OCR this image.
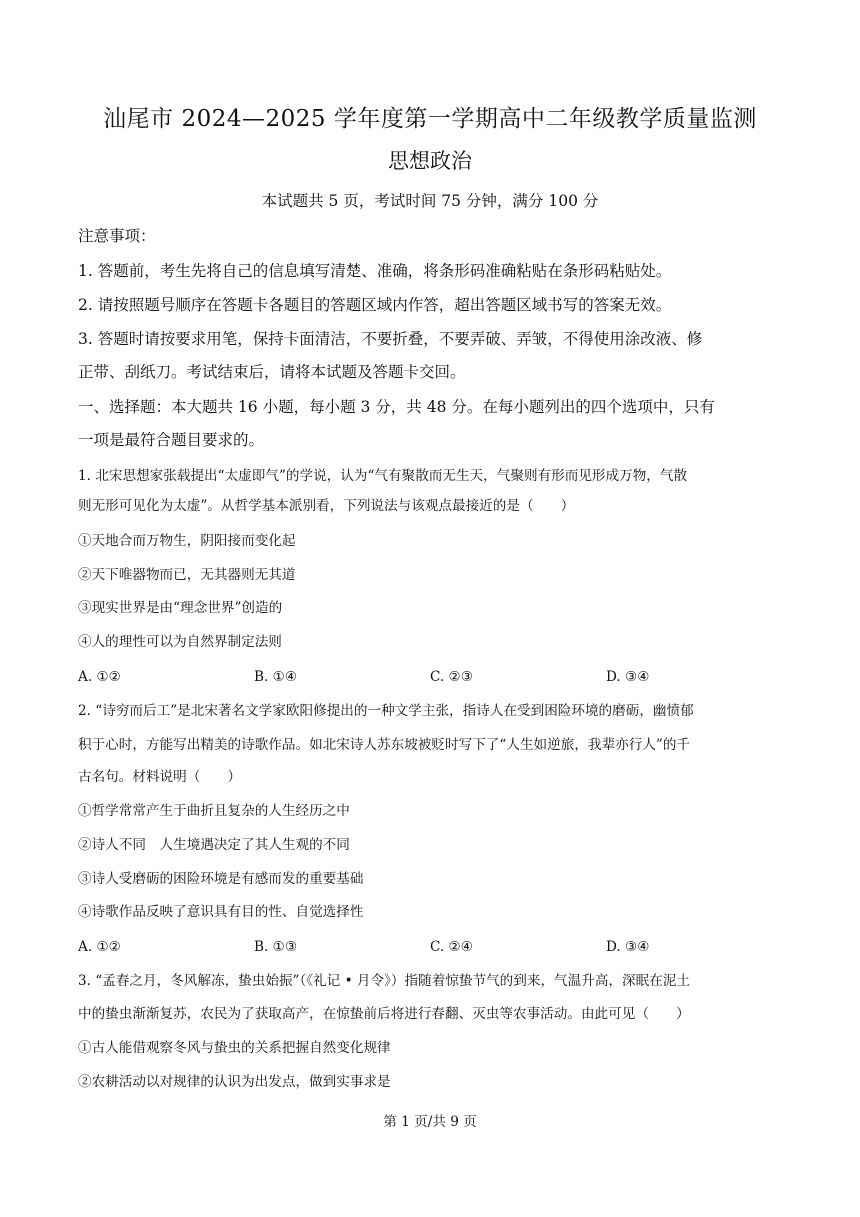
汕尾市 2024—2025 学年度第一学期高中二年级教学质量监测
思想政治
本试题共 5 页，考试时间 75 分钟，满分 100 分
注意事项：
1. 答题前，考生先将自己的信息填写清楚、准确，将条形码准确粘贴在条形码粘贴处。
2. 请按照题号顺序在答题卡各题目的答题区域内作答，超出答题区域书写的答案无效。
3. 答题时请按要求用笔，保持卡面清洁，不要折叠，不要弄破、弄皱，不得使用涂改液、修
正带、刮纸刀。考试结束后，请将本试题及答题卡交回。
一、选择题：本大题共 16 小题，每小题 3 分，共 48 分。在每小题列出的四个选项中，只有
一项是最符合题目要求的。
1. 北宋思想家张载提出“太虚即气”的学说，认为“气有聚散而无生天，气聚则有形而见形成万物，气散
则无形可见化为太虚”。从哲学基本派别看，下列说法与该观点最接近的是（　　）
①天地合而万物生，阴阳接而变化起
②天下唯器物而已，无其器则无其道
③现实世界是由“理念世界”创造的
④人的理性可以为自然界制定法则
A. ①②	B. ①④	C. ②③	D. ③④
2. “诗穷而后工”是北宋著名文学家欧阳修提出的一种文学主张，指诗人在受到困险环境的磨砺，幽愤郁
积于心时，方能写出精美的诗歌作品。如北宋诗人苏东坡被贬时写下了“人生如逆旅，我辈亦行人”的千
古名句。材料说明（　　）
①哲学常常产生于曲折且复杂的人生经历之中
②诗人不同　人生境遇决定了其人生观的不同
③诗人受磨砺的困险环境是有感而发的重要基础
④诗歌作品反映了意识具有目的性、自觉选择性
A. ①②	B. ①③	C. ②④	D. ③④
3. “孟春之月，冬风解冻，蛰虫始振”（《礼记 • 月令》）指随着惊蛰节气的到来，气温升高，深眠在泥土
中的蛰虫渐渐复苏，农民为了获取高产，在惊蛰前后将进行春翻、灭虫等农事活动。由此可见（　　）
①古人能借观察冬风与蛰虫的关系把握自然变化规律
②农耕活动以对规律的认识为出发点，做到实事求是
第 1 页/共 9 页
